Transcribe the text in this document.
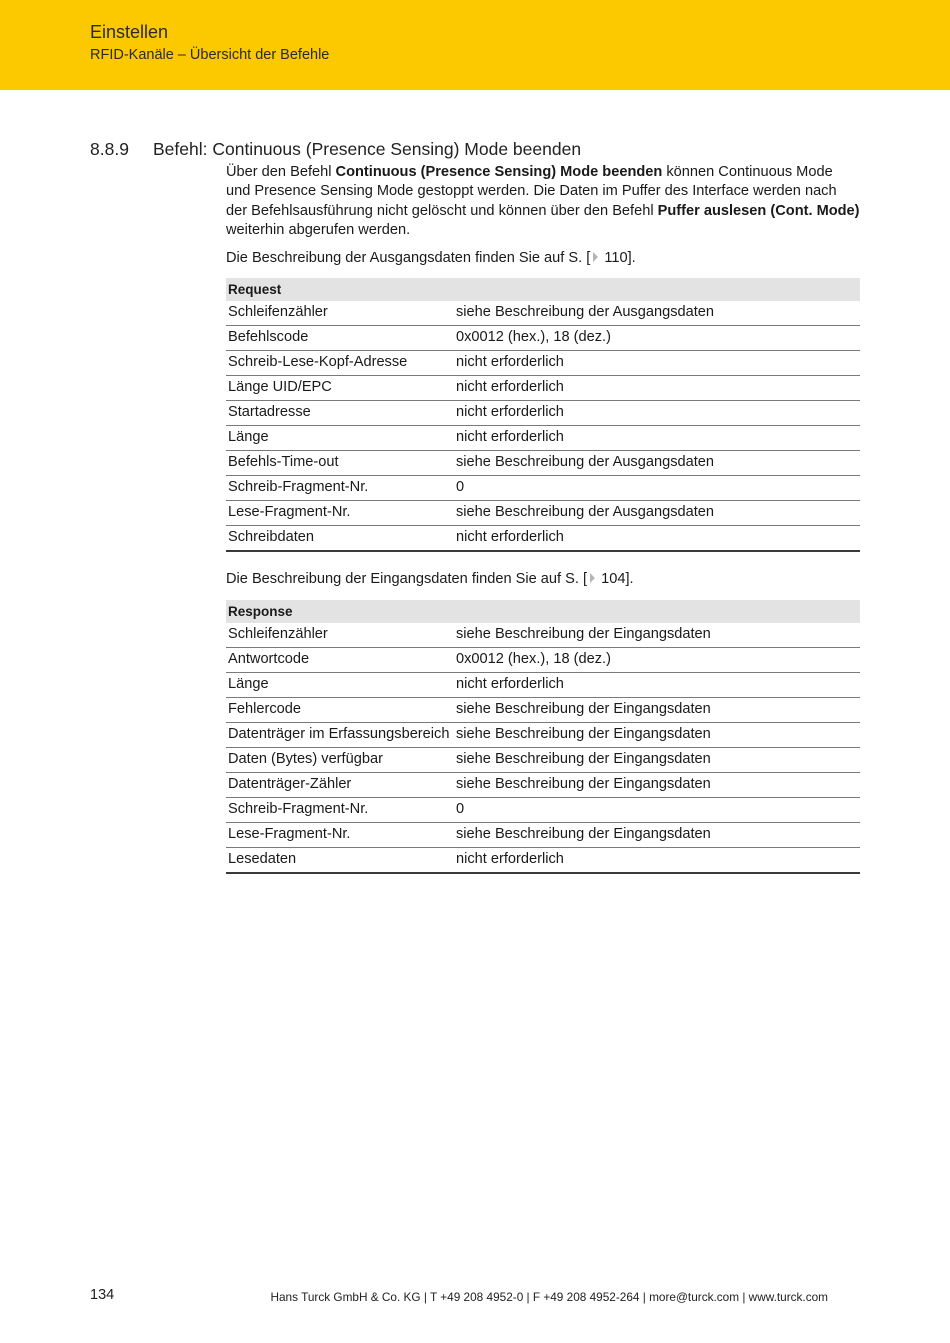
Einstellen
RFID-Kanäle – Übersicht der Befehle
8.8.9 Befehl: Continuous (Presence Sensing) Mode beenden

Über den Befehl Continuous (Presence Sensing) Mode beenden können Continuous Mode und Presence Sensing Mode gestoppt werden. Die Daten im Puffer des Interface werden nach der Befehlsausführung nicht gelöscht und können über den Befehl Puffer auslesen (Cont. Mode) weiterhin abgerufen werden.

Die Beschreibung der Ausgangsdaten finden Sie auf S. [ 110].

Request	
Schleifenzähler	siehe Beschreibung der Ausgangsdaten
Befehlscode	0x0012 (hex.), 18 (dez.)
Schreib-Lese-Kopf-Adresse	nicht erforderlich
Länge UID/EPC	nicht erforderlich
Startadresse	nicht erforderlich
Länge	nicht erforderlich
Befehls-Time-out	siehe Beschreibung der Ausgangsdaten
Schreib-Fragment-Nr.	0
Lese-Fragment-Nr.	siehe Beschreibung der Ausgangsdaten
Schreibdaten	nicht erforderlich

Die Beschreibung der Eingangsdaten finden Sie auf S. [ 104].

Response	
Schleifenzähler	siehe Beschreibung der Eingangsdaten
Antwortcode	0x0012 (hex.), 18 (dez.)
Länge	nicht erforderlich
Fehlercode	siehe Beschreibung der Eingangsdaten
Datenträger im Erfassungsbereich	siehe Beschreibung der Eingangsdaten
Daten (Bytes) verfügbar	siehe Beschreibung der Eingangsdaten
Datenträger-Zähler	siehe Beschreibung der Eingangsdaten
Schreib-Fragment-Nr.	0
Lese-Fragment-Nr.	siehe Beschreibung der Eingangsdaten
Lesedaten	nicht erforderlich
134	Hans Turck GmbH & Co. KG | T +49 208 4952-0 | F +49 208 4952-264 | more@turck.com | www.turck.com
